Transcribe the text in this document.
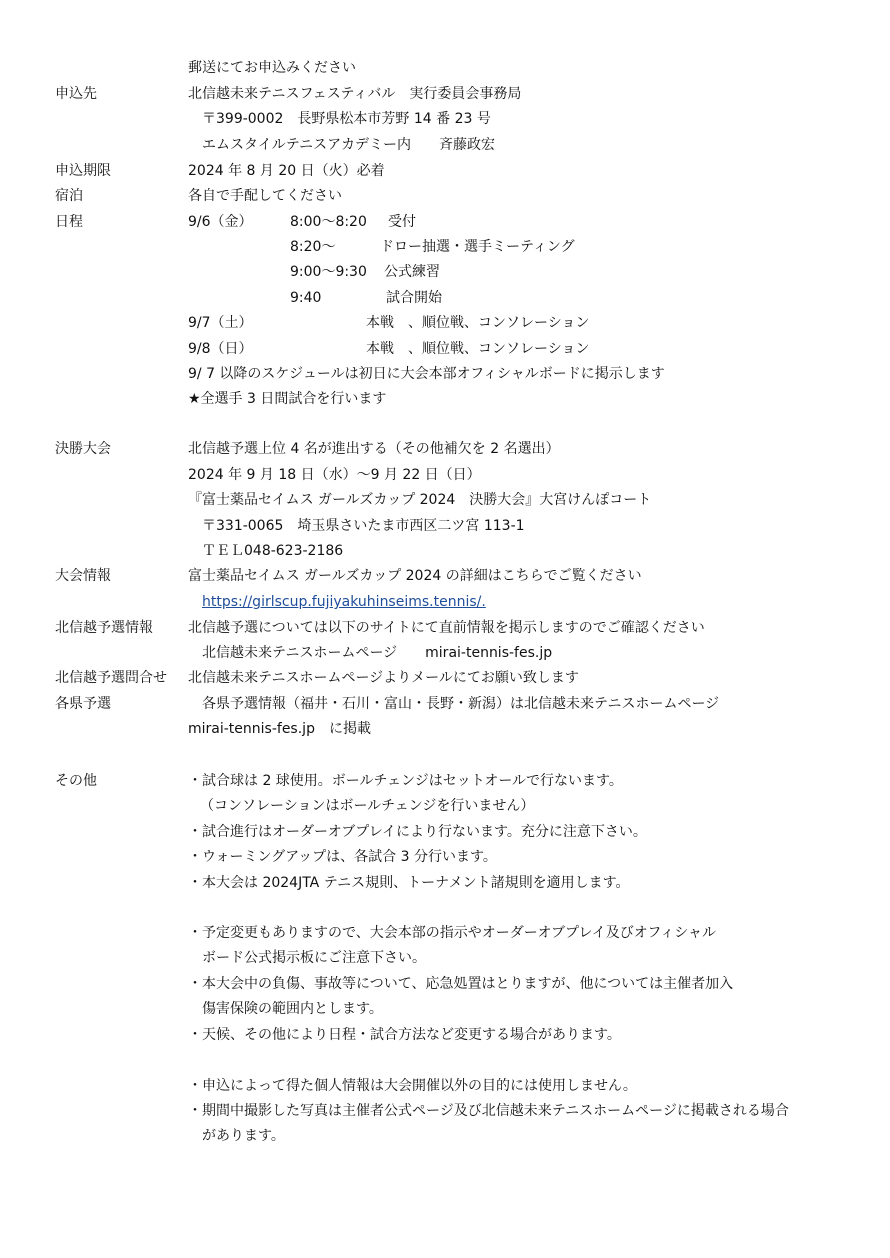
郵送にてお申込みください
申込先	北信越未来テニスフェスティバル　実行委員会事務局
〒399-0002　長野県松本市芳野 14 番 23 号
エムスタイルテニスアカデミー内　　斉藤政宏
申込期限	2024 年 8 月 20 日（火）必着
宿泊	各自で手配してください
日程	9/6（金）	8:00～8:20 受付
8:20～	ドロー抽選・選手ミーティング
9:00～9:30 公式練習
9:40	試合開始
9/7（土）	本戦　、順位戦、コンソレーション
9/8（日）	本戦　、順位戦、コンソレーション
9/ 7 以降のスケジュールは初日に大会本部オフィシャルボードに掲示します
★全選手 3 日間試合を行います
決勝大会	北信越予選上位 4 名が進出する（その他補欠を 2 名選出）
2024 年 9 月 18 日（水）～9 月 22 日（日）
『富士薬品セイムス ガールズカップ 2024　決勝大会』大宮けんぽコート
〒331-0065　埼玉県さいたま市西区二ツ宮 113-1
ＴＥＬ048-623-2186
大会情報	富士薬品セイムス ガールズカップ 2024 の詳細はこちらでご覧ください
https://girlscup.fujiyakuhinseims.tennis/.
北信越予選情報	北信越予選については以下のサイトにて直前情報を掲示しますのでご確認ください
北信越未来テニスホームページ　　mirai-tennis-fes.jp
北信越予選問合せ 北信越未来テニスホームページよりメールにてお願い致します
各県予選	各県予選情報（福井・石川・富山・長野・新潟）は北信越未来テニスホームページ
mirai-tennis-fes.jp　に掲載
その他	・試合球は 2 球使用。ボールチェンジはセットオールで行ないます。
（コンソレーションはボールチェンジを行いません）
・試合進行はオーダーオブプレイにより行ないます。充分に注意下さい。
・ウォーミングアップは、各試合 3 分行います。
・本大会は 2024JTA テニス規則、トーナメント諸規則を適用します。
・予定変更もありますので、大会本部の指示やオーダーオブプレイ及びオフィシャル
ボード公式掲示板にご注意下さい。
・本大会中の負傷、事故等について、応急処置はとりますが、他については主催者加入
傷害保険の範囲内とします。
・天候、その他により日程・試合方法など変更する場合があります。
・申込によって得た個人情報は大会開催以外の目的には使用しません。
・期間中撮影した写真は主催者公式ページ及び北信越未来テニスホームページに掲載される場合
があります。
